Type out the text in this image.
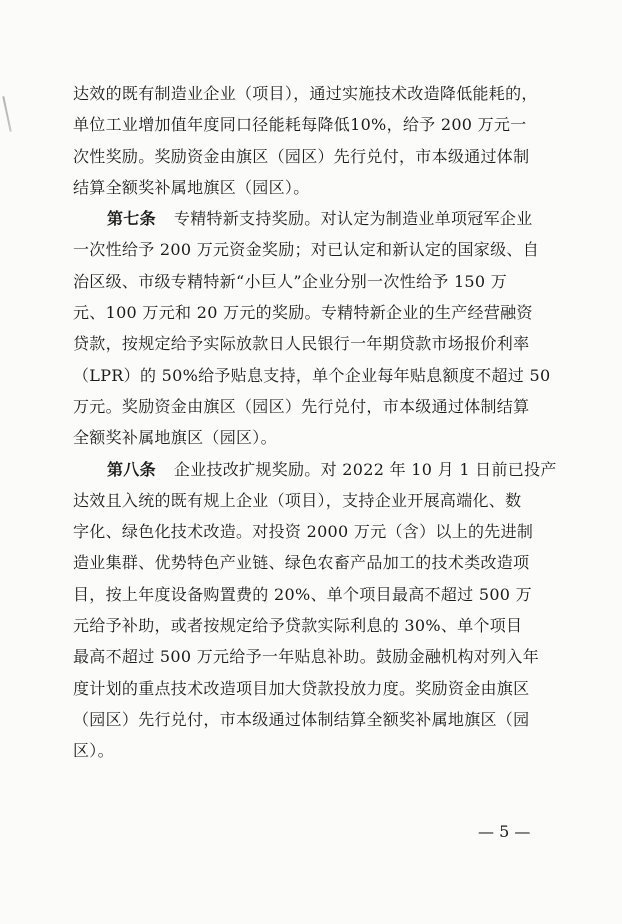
达效的既有制造业企业（项目），通过实施技术改造降低能耗的，
单位工业增加值年度同口径能耗每降低10%，给予 200 万元一
次性奖励。奖励资金由旗区（园区）先行兑付，市本级通过体制
结算全额奖补属地旗区（园区）。
第七条 专精特新支持奖励。对认定为制造业单项冠军企业
一次性给予 200 万元资金奖励；对已认定和新认定的国家级、自
治区级、市级专精特新“小巨人”企业分别一次性给予 150 万
元、100 万元和 20 万元的奖励。专精特新企业的生产经营融资
贷款，按规定给予实际放款日人民银行一年期贷款市场报价利率
（LPR）的 50%给予贴息支持，单个企业每年贴息额度不超过 50
万元。奖励资金由旗区（园区）先行兑付，市本级通过体制结算
全额奖补属地旗区（园区）。
第八条 企业技改扩规奖励。对 2022 年 10 月 1 日前已投产
达效且入统的既有规上企业（项目），支持企业开展高端化、数
字化、绿色化技术改造。对投资 2000 万元（含）以上的先进制
造业集群、优势特色产业链、绿色农畜产品加工的技术类改造项
目，按上年度设备购置费的 20%、单个项目最高不超过 500 万
元给予补助，或者按规定给予贷款实际利息的 30%、单个项目
最高不超过 500 万元给予一年贴息补助。鼓励金融机构对列入年
度计划的重点技术改造项目加大贷款投放力度。奖励资金由旗区
（园区）先行兑付，市本级通过体制结算全额奖补属地旗区（园
区）。
— 5 —
